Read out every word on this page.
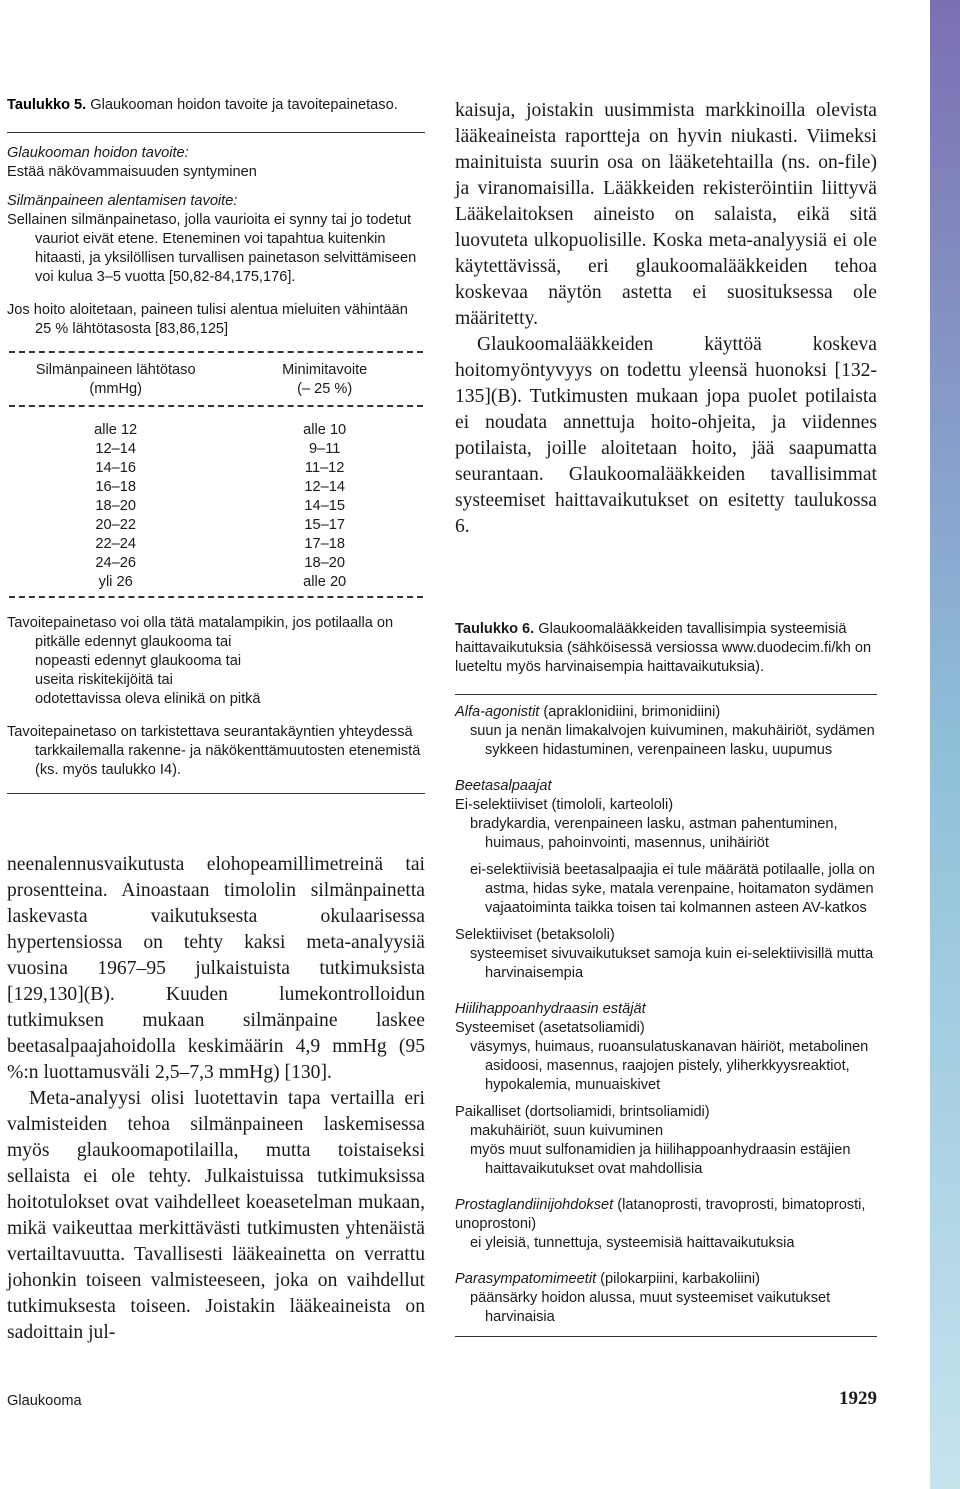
Taulukko 5. Glaukooman hoidon tavoite ja tavoitepainetaso.
Glaukooman hoidon tavoite:
Estää näkövammaisuuden syntyminen
Silmänpaineen alentamisen tavoite:
Sellainen silmänpainetaso, jolla vaurioita ei synny tai jo todetut vauriot eivät etene. Eteneminen voi tapahtua kuitenkin hitaasti, ja yksilöllisen turvallisen painetason selvittämiseen voi kulua 3–5 vuotta [50,82-84,175,176].
Jos hoito aloitetaan, paineen tulisi alentua mieluiten vähintään 25 % lähtötasosta [83,86,125]
Silmänpaineen lähtötaso	Minimitavoite
(mmHg)	(– 25 %)
alle 12	alle 10
12–14	9–11
14–16	11–12
16–18	12–14
18–20	14–15
20–22	15–17
22–24	17–18
24–26	18–20
yli 26	alle 20
Tavoitepainetaso voi olla tätä matalampikin, jos potilaalla on
pitkälle edennyt glaukooma tai
nopeasti edennyt glaukooma tai
useita riskitekijöitä tai
odotettavissa oleva elinikä on pitkä
Tavoitepainetaso on tarkistettava seurantakäyntien yhteydessä tarkkailemalla rakenne- ja näkökenttämuutosten etenemistä (ks. myös taulukko I4).

neenalennusvaikutusta elohopeamillimetreinä tai prosentteina. Ainoastaan timololin silmänpainetta laskevasta vaikutuksesta okulaarisessa hypertensiossa on tehty kaksi meta-analyysiä vuosina 1967–95 julkaistuista tutkimuksista [129,130](B). Kuuden lumekontrolloidun tutkimuksen mukaan silmänpaine laskee beetasalpaajahoidolla keskimäärin 4,9 mmHg (95 %:n luottamusväli 2,5–7,3 mmHg) [130].

Meta-analyysi olisi luotettavin tapa vertailla eri valmisteiden tehoa silmänpaineen laskemisessa myös glaukoomapotilailla, mutta toistaiseksi sellaista ei ole tehty. Julkaistuissa tutkimuksissa hoitotulokset ovat vaihdelleet koeasetelman mukaan, mikä vaikeuttaa merkittävästi tutkimusten yhtenäistä vertailtavuutta. Tavallisesti lääkeainetta on verrattu johonkin toiseen valmisteeseen, joka on vaihdellut tutkimuksesta toiseen. Joistakin lääkeaineista on sadoittain jul-

kaisuja, joistakin uusimmista markkinoilla olevista lääkeaineista raportteja on hyvin niukasti. Viimeksi mainituista suurin osa on lääketehtailla (ns. on-file) ja viranomaisilla. Lääkkeiden rekisteröintiin liittyvä Lääkelaitoksen aineisto on salaista, eikä sitä luovuteta ulkopuolisille. Koska meta-analyysiä ei ole käytettävissä, eri glaukoomalääkkeiden tehoa koskevaa näytön astetta ei suosituksessa ole määritetty.

Glaukoomalääkkeiden käyttöä koskeva hoitomyöntyvyys on todettu yleensä huonoksi [132-135](B). Tutkimusten mukaan jopa puolet potilaista ei noudata annettuja hoito-ohjeita, ja viidennes potilaista, joille aloitetaan hoito, jää saapumatta seurantaan. Glaukoomalääkkeiden tavallisimmat systeemiset haittavaikutukset on esitetty taulukossa 6.

Taulukko 6. Glaukoomalääkkeiden tavallisimpia systeemisiä haittavaikutuksia (sähköisessä versiossa www.duodecim.fi/kh on lueteltu myös harvinaisempia haittavaikutuksia).
Alfa-agonistit (apraklonidiini, brimonidiini)
suun ja nenän limakalvojen kuivuminen, makuhäiriöt, sydämen sykkeen hidastuminen, verenpaineen lasku, uupumus
Beetasalpaajat
Ei-selektiiviset (timololi, karteololi)
bradykardia, verenpaineen lasku, astman pahentuminen, huimaus, pahoinvointi, masennus, unihäiriöt
ei-selektiivisiä beetasalpaajia ei tule määrätä potilaalle, jolla on astma, hidas syke, matala verenpaine, hoitamaton sydämen vajaatoiminta taikka toisen tai kolmannen asteen AV-katkos
Selektiiviset (betaksololi)
systeemiset sivuvaikutukset samoja kuin ei-selektiivisillä mutta harvinaisempia
Hiilihappoanhydraasin estäjät
Systeemiset (asetatsoliamidi)
väsymys, huimaus, ruoansulatuskanavan häiriöt, metabolinen asidoosi, masennus, raajojen pistely, yliherkkyysreaktiot, hypokalemia, munuaiskivet
Paikalliset (dortsoliamidi, brintsoliamidi)
makuhäiriöt, suun kuivuminen
myös muut sulfonamidien ja hiilihappoanhydraasin estäjien haittavaikutukset ovat mahdollisia
Prostaglandiinijohdokset (latanoprosti, travoprosti, bimatoprosti, unoprostoni)
ei yleisiä, tunnettuja, systeemisiä haittavaikutuksia
Parasympatomimeetit (pilokarpiini, karbakoliini)
päänsärky hoidon alussa, muut systeemiset vaikutukset harvinaisia
Glaukooma	1929
